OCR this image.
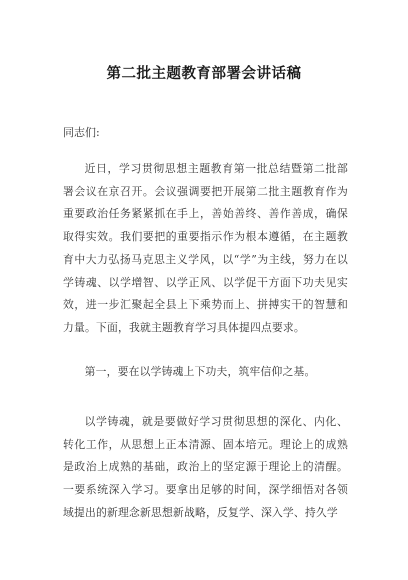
第二批主题教育部署会讲话稿

同志们:

近日，学习贯彻思想主题教育第一批总结暨第二批部署会议在京召开。会议强调要把开展第二批主题教育作为重要政治任务紧紧抓在手上，善始善终、善作善成，确保取得实效。我们要把的重要指示作为根本遵循，在主题教育中大力弘扬马克思主义学风，以“学”为主线，努力在以学铸魂、以学增智、以学正风、以学促干方面下功夫见实效，进一步汇聚起全县上下乘势而上、拼搏实干的智慧和力量。下面，我就主题教育学习具体提四点要求。

第一，要在以学铸魂上下功夫，筑牢信仰之基。

以学铸魂，就是要做好学习贯彻思想的深化、内化、转化工作，从思想上正本清源、固本培元。理论上的成熟是政治上成熟的基础，政治上的坚定源于理论上的清醒。一要系统深入学习。要拿出足够的时间，深学细悟对各领域提出的新理念新思想新战略，反复学、深入学、持久学
